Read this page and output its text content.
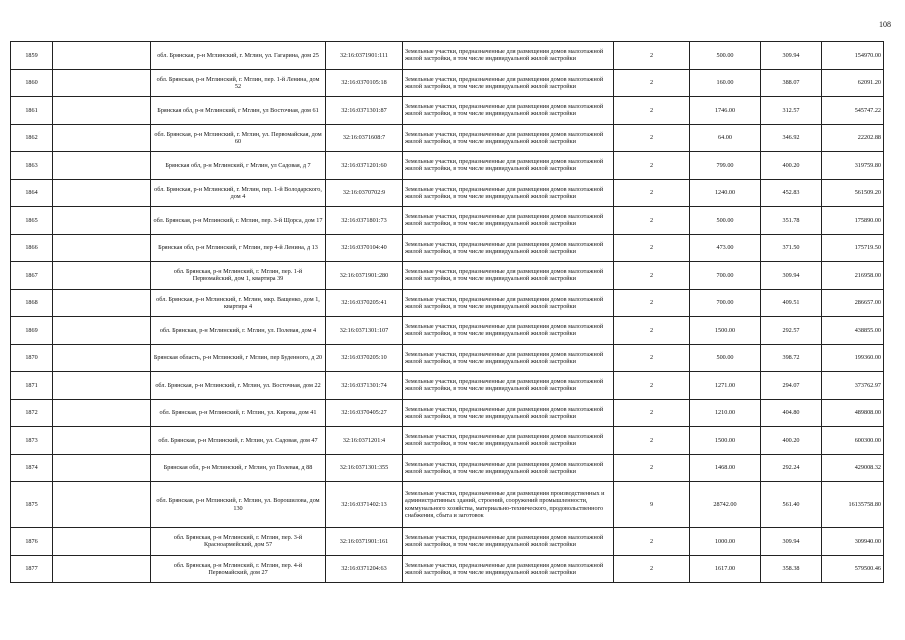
108
1859		обл. Брянская, р-н Мглинский, г. Мглин, ул. Гагарина, дом 25	32:16:0371901:111	Земельные участки, предназначенные для размещения домов малоэтажной жилой застройки, в том числе индивидуальной жилой застройки	2	500.00	309.94	154970.00
1860		обл. Брянская, р-н Мглинский, г. Мглин, пер. 1-й Ленина, дом 52	32:16:0370105:18	Земельные участки, предназначенные для размещения домов малоэтажной жилой застройки, в том числе индивидуальной жилой застройки	2	160.00	388.07	62091.20
1861		Брянская обл, р-н Мглинский, г Мглин, ул Восточная, дом 61	32:16:0371301:87	Земельные участки, предназначенные для размещения домов малоэтажной жилой застройки, в том числе индивидуальной жилой застройки	2	1746.00	312.57	545747.22
1862		обл. Брянская, р-н Мглинский, г. Мглин, ул. Первомайская, дом 60	32:16:0371608:7	Земельные участки, предназначенные для размещения домов малоэтажной жилой застройки, в том числе индивидуальной жилой застройки	2	64.00	346.92	22202.88
1863		Брянская обл, р-н Мглинский, г Мглин, ул Садовая, д 7	32:16:0371201:60	Земельные участки, предназначенные для размещения домов малоэтажной жилой застройки, в том числе индивидуальной жилой застройки	2	799.00	400.20	319759.80
1864		обл. Брянская, р-н Мглинский, г. Мглин, пер. 1-й Володарского, дом 4	32:16:0370702:9	Земельные участки, предназначенные для размещения домов малоэтажной жилой застройки, в том числе индивидуальной жилой застройки	2	1240.00	452.83	561509.20
1865		обл. Брянская, р-н Мглинский, г. Мглин, пер. 3-й Щорса, дом 17	32:16:0371801:73	Земельные участки, предназначенные для размещения домов малоэтажной жилой застройки, в том числе индивидуальной жилой застройки	2	500.00	351.78	175890.00
1866		Брянская обл, р-н Мглинский, г Мглин, пер 4-й Ленина, д 13	32:16:0370104:40	Земельные участки, предназначенные для размещения домов малоэтажной жилой застройки, в том числе индивидуальной жилой застройки	2	473.00	371.50	175719.50
1867		обл. Брянская, р-н Мглинский, г. Мглин, пер. 1-й Первомайский, дом 1, квартира 39	32:16:0371901:280	Земельные участки, предназначенные для размещения домов малоэтажной жилой застройки, в том числе индивидуальной жилой застройки	2	700.00	309.94	216958.00
1868		обл. Брянская, р-н Мглинский, г. Мглин, мкр. Ващенко, дом 1, квартира 4	32:16:0370205:41	Земельные участки, предназначенные для размещения домов малоэтажной жилой застройки, в том числе индивидуальной жилой застройки	2	700.00	409.51	286657.00
1869		обл. Брянская, р-н Мглинский, г. Мглин, ул. Полевая, дом 4	32:16:0371301:107	Земельные участки, предназначенные для размещения домов малоэтажной жилой застройки, в том числе индивидуальной жилой застройки	2	1500.00	292.57	438855.00
1870		Брянская область, р-н Мглинский, г Мглин, пер Буденного, д 20	32:16:0370205:10	Земельные участки, предназначенные для размещения домов малоэтажной жилой застройки, в том числе индивидуальной жилой застройки	2	500.00	398.72	199360.00
1871		обл. Брянская, р-н Мглинский, г. Мглин, ул. Восточная, дом 22	32:16:0371301:74	Земельные участки, предназначенные для размещения домов малоэтажной жилой застройки, в том числе индивидуальной жилой застройки	2	1271.00	294.07	373762.97
1872		обл. Брянская, р-н Мглинский, г. Мглин, ул. Кирова, дом 41	32:16:0370405:27	Земельные участки, предназначенные для размещения домов малоэтажной жилой застройки, в том числе индивидуальной жилой застройки	2	1210.00	404.80	489808.00
1873		обл. Брянская, р-н Мглинский, г. Мглин, ул. Садовая, дом 47	32:16:0371201:4	Земельные участки, предназначенные для размещения домов малоэтажной жилой застройки, в том числе индивидуальной жилой застройки	2	1500.00	400.20	600300.00
1874		Брянская обл, р-н Мглинский, г Мглин, ул Полевая, д 88	32:16:0371301:355	Земельные участки, предназначенные для размещения домов малоэтажной жилой застройки, в том числе индивидуальной жилой застройки	2	1468.00	292.24	429008.32
1875		обл. Брянская, р-н Мглинский, г. Мглин, ул. Ворошилова, дом 130	32:16:0371402:13	Земельные участки, предназначенные для размещения производственных и административных зданий, строений, сооружений промышленности, коммунального хозяйства, материально-технического, продовольственного снабжения, сбыта и заготовок	9	28742.00	561.40	16135758.80
1876		обл. Брянская, р-н Мглинский, г. Мглин, пер. 3-й Красноармейский, дом 57	32:16:0371901:161	Земельные участки, предназначенные для размещения домов малоэтажной жилой застройки, в том числе индивидуальной жилой застройки	2	1000.00	309.94	309940.00
1877		обл. Брянская, р-н Мглинский, г. Мглин, пер. 4-й Первомайский, дом 27	32:16:0371204:63	Земельные участки, предназначенные для размещения домов малоэтажной жилой застройки, в том числе индивидуальной жилой застройки	2	1617.00	358.38	579500.46
